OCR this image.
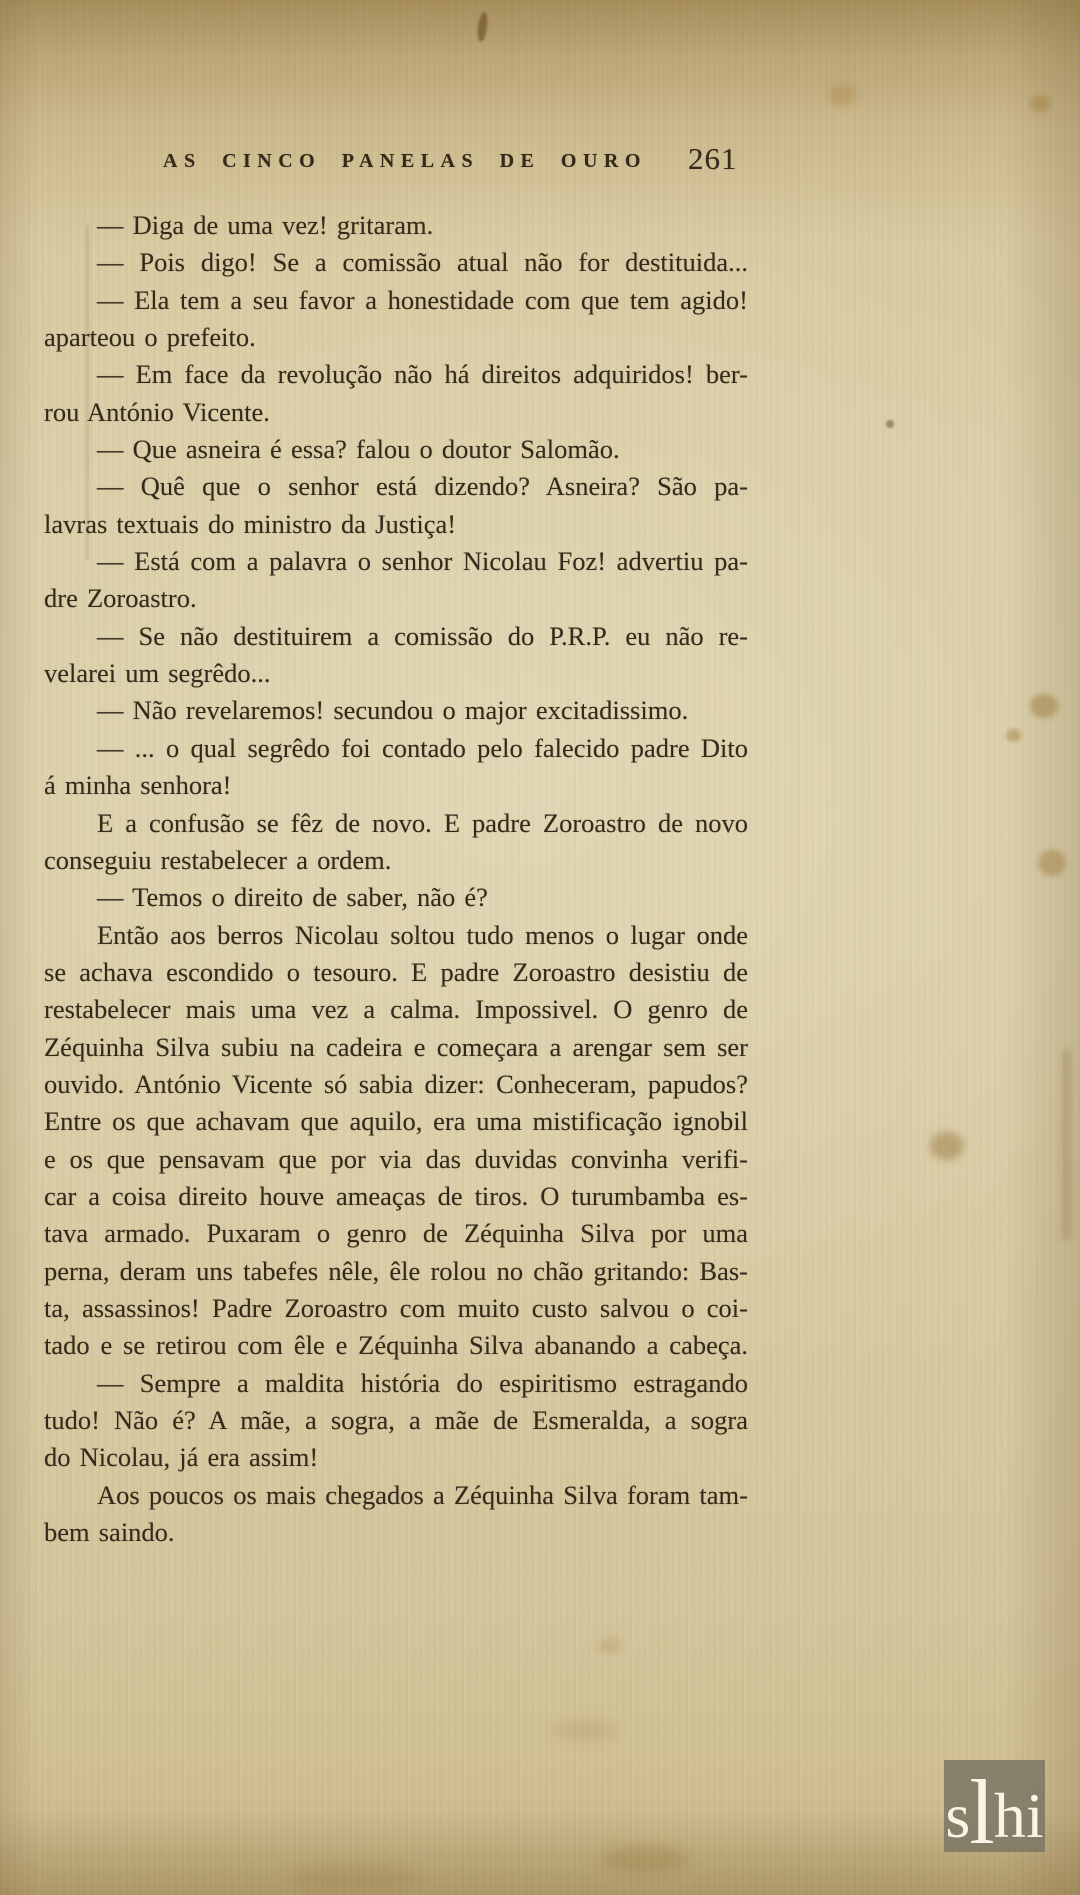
AS CINCO PANELAS DE OURO 261
— Diga de uma vez! gritaram.
— Pois digo! Se a comissão atual não for destituida...
— Ela tem a seu favor a honestidade com que tem agido!
aparteou o prefeito.
— Em face da revolução não há direitos adquiridos! ber-
rou António Vicente.
— Que asneira é essa? falou o doutor Salomão.
— Quê que o senhor está dizendo? Asneira? São pa-
lavras textuais do ministro da Justiça!
— Está com a palavra o senhor Nicolau Foz! advertiu pa-
dre Zoroastro.
— Se não destituirem a comissão do P.R.P. eu não re-
velarei um segrêdo...
— Não revelaremos! secundou o major excitadissimo.
— ... o qual segrêdo foi contado pelo falecido padre Dito
á minha senhora!
E a confusão se fêz de novo. E padre Zoroastro de novo
conseguiu restabelecer a ordem.
— Temos o direito de saber, não é?
Então aos berros Nicolau soltou tudo menos o lugar onde
se achava escondido o tesouro. E padre Zoroastro desistiu de
restabelecer mais uma vez a calma. Impossivel. O genro de
Zéquinha Silva subiu na cadeira e começara a arengar sem ser
ouvido. António Vicente só sabia dizer: Conheceram, papudos?
Entre os que achavam que aquilo, era uma mistificação ignobil
e os que pensavam que por via das duvidas convinha verifi-
car a coisa direito houve ameaças de tiros. O turumbamba es-
tava armado. Puxaram o genro de Zéquinha Silva por uma
perna, deram uns tabefes nêle, êle rolou no chão gritando: Bas-
ta, assassinos! Padre Zoroastro com muito custo salvou o coi-
tado e se retirou com êle e Zéquinha Silva abanando a cabeça.
— Sempre a maldita história do espiritismo estragando
tudo! Não é? A mãe, a sogra, a mãe de Esmeralda, a sogra
do Nicolau, já era assim!
Aos poucos os mais chegados a Zéquinha Silva foram tam-
bem saindo.
s l hi
